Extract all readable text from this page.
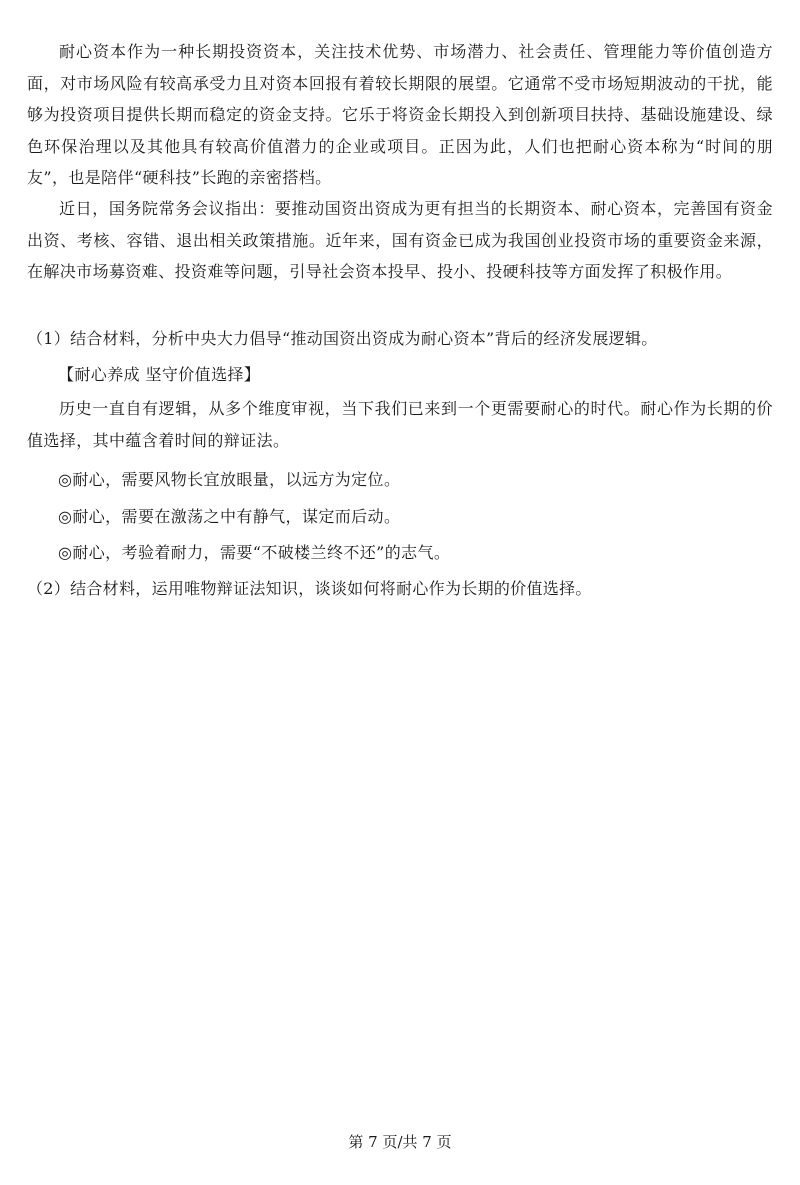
耐心资本作为一种长期投资资本，关注技术优势、市场潜力、社会责任、管理能力等价值创造方面，对市场风险有较高承受力且对资本回报有着较长期限的展望。它通常不受市场短期波动的干扰，能够为投资项目提供长期而稳定的资金支持。它乐于将资金长期投入到创新项目扶持、基础设施建设、绿色环保治理以及其他具有较高价值潜力的企业或项目。正因为此，人们也把耐心资本称为“时间的朋友”，也是陪伴“硬科技”长跑的亲密搭档。

近日，国务院常务会议指出：要推动国资出资成为更有担当的长期资本、耐心资本，完善国有资金出资、考核、容错、退出相关政策措施。近年来，国有资金已成为我国创业投资市场的重要资金来源，在解决市场募资难、投资难等问题，引导社会资本投早、投小、投硬科技等方面发挥了积极作用。

（1）结合材料，分析中央大力倡导“推动国资出资成为耐心资本”背后的经济发展逻辑。

【耐心养成 坚守价值选择】

历史一直自有逻辑，从多个维度审视，当下我们已来到一个更需要耐心的时代。耐心作为长期的价值选择，其中蕴含着时间的辩证法。

◎耐心，需要风物长宜放眼量，以远方为定位。

◎耐心，需要在激荡之中有静气，谋定而后动。

◎耐心，考验着耐力，需要“不破楼兰终不还”的志气。

（2）结合材料，运用唯物辩证法知识，谈谈如何将耐心作为长期的价值选择。

第 7 页/共 7 页
